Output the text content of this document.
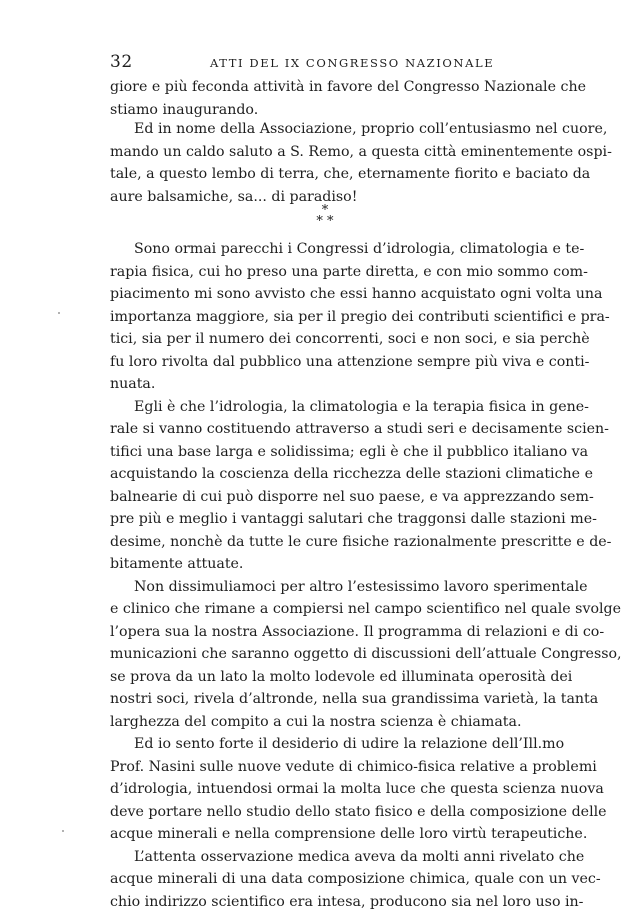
32	ATTI DEL IX CONGRESSO NAZIONALE
giore e più feconda attività in favore del Congresso Nazionale che
stiamo inaugurando.
Ed in nome della Associazione, proprio coll’entusiasmo nel cuore,
mando un caldo saluto a S. Remo, a questa città eminentemente ospi-
tale, a questo lembo di terra, che, eternamente fiorito e baciato da
aure balsamiche, sa... di paradiso!
*
* *
Sono ormai parecchi i Congressi d’idrologia, climatologia e te-
rapia fisica, cui ho preso una parte diretta, e con mio sommo com-
piacimento mi sono avvisto che essi hanno acquistato ogni volta una
importanza maggiore, sia per il pregio dei contributi scientifici e pra-
tici, sia per il numero dei concorrenti, soci e non soci, e sia perchè
fu loro rivolta dal pubblico una attenzione sempre più viva e conti-
nuata.
Egli è che l’idrologia, la climatologia e la terapia fisica in gene-
rale si vanno costituendo attraverso a studi seri e decisamente scien-
tifici una base larga e solidissima; egli è che il pubblico italiano va
acquistando la coscienza della ricchezza delle stazioni climatiche e
balnearie di cui può disporre nel suo paese, e va apprezzando sem-
pre più e meglio i vantaggi salutari che traggonsi dalle stazioni me-
desime, nonchè da tutte le cure fisiche razionalmente prescritte e de-
bitamente attuate.
Non dissimuliamoci per altro l’estesissimo lavoro sperimentale
e clinico che rimane a compiersi nel campo scientifico nel quale svolge
l’opera sua la nostra Associazione. Il programma di relazioni e di co-
municazioni che saranno oggetto di discussioni dell’attuale Congresso,
se prova da un lato la molto lodevole ed illuminata operosità dei
nostri soci, rivela d’altronde, nella sua grandissima varietà, la tanta
larghezza del compito a cui la nostra scienza è chiamata.
Ed io sento forte il desiderio di udire la relazione dell’Ill.mo
Prof. Nasini sulle nuove vedute di chimico-fisica relative a problemi
d’idrologia, intuendosi ormai la molta luce che questa scienza nuova
deve portare nello studio dello stato fisico e della composizione delle
acque minerali e nella comprensione delle loro virtù terapeutiche.
L’attenta osservazione medica aveva da molti anni rivelato che
acque minerali di una data composizione chimica, quale con un vec-
chio indirizzo scientifico era intesa, producono sia nel loro uso in-
